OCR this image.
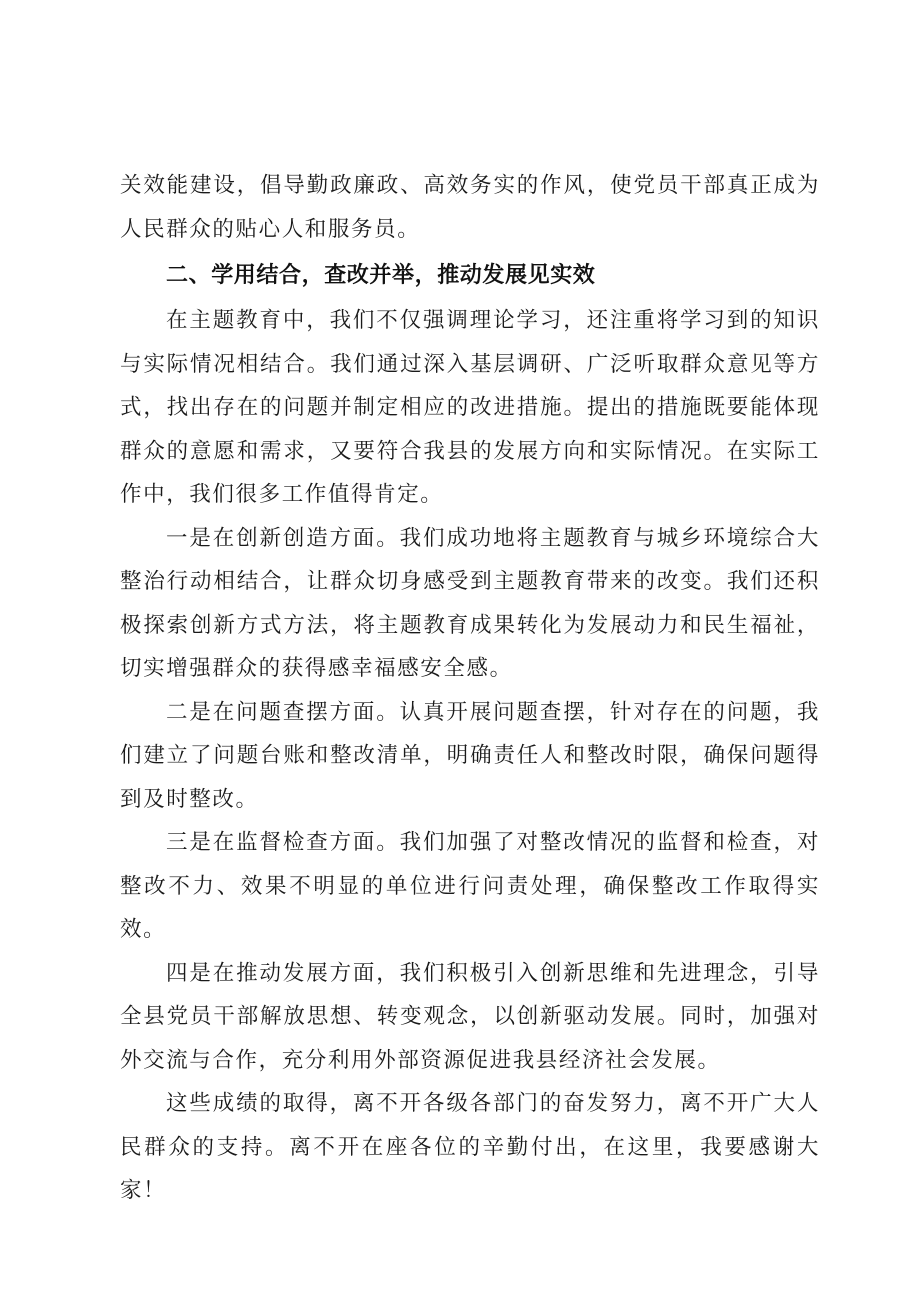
关效能建设，倡导勤政廉政、高效务实的作风，使党员干部真正成为人民群众的贴心人和服务员。

二、学用结合，查改并举，推动发展见实效

在主题教育中，我们不仅强调理论学习，还注重将学习到的知识与实际情况相结合。我们通过深入基层调研、广泛听取群众意见等方式，找出存在的问题并制定相应的改进措施。提出的措施既要能体现群众的意愿和需求，又要符合我县的发展方向和实际情况。在实际工作中，我们很多工作值得肯定。

一是在创新创造方面。我们成功地将主题教育与城乡环境综合大整治行动相结合，让群众切身感受到主题教育带来的改变。我们还积极探索创新方式方法，将主题教育成果转化为发展动力和民生福祉，切实增强群众的获得感幸福感安全感。

二是在问题查摆方面。认真开展问题查摆，针对存在的问题，我们建立了问题台账和整改清单，明确责任人和整改时限，确保问题得到及时整改。

三是在监督检查方面。我们加强了对整改情况的监督和检查，对整改不力、效果不明显的单位进行问责处理，确保整改工作取得实效。

四是在推动发展方面，我们积极引入创新思维和先进理念，引导全县党员干部解放思想、转变观念，以创新驱动发展。同时，加强对外交流与合作，充分利用外部资源促进我县经济社会发展。

这些成绩的取得，离不开各级各部门的奋发努力，离不开广大人民群众的支持。离不开在座各位的辛勤付出，在这里，我要感谢大家！
